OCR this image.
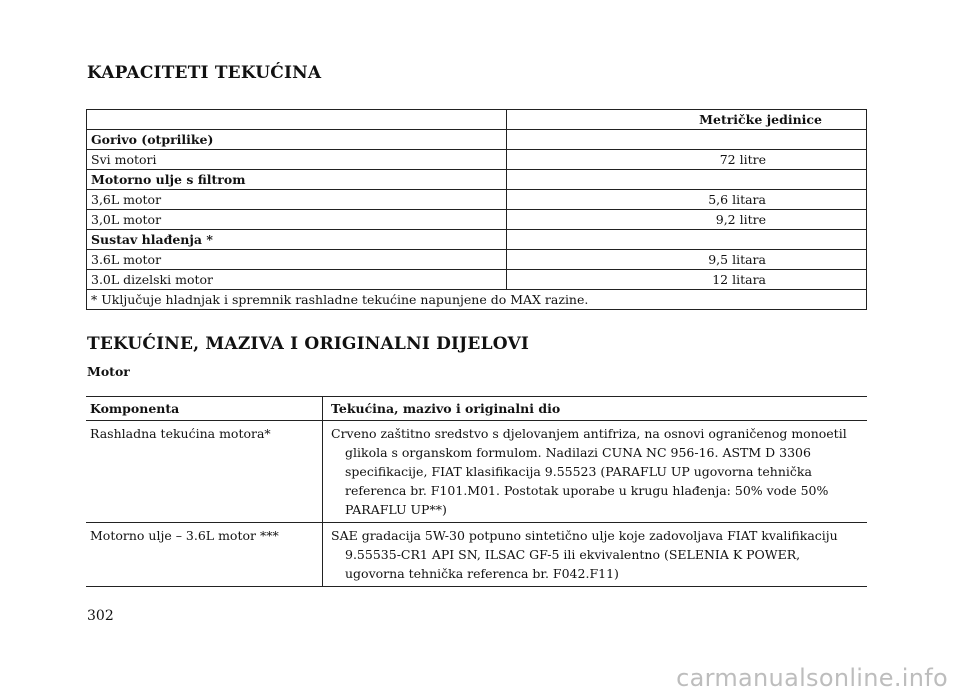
KAPACITETI TEKUĆINA
	Metričke jedinice
Gorivo (otprilike)	
Svi motori	72 litre
Motorno ulje s filtrom	
3,6L motor	5,6 litara
3,0L motor	9,2 litre
Sustav hlađenja *	
3.6L motor	9,5 litara
3.0L dizelski motor	12 litara
* Uključuje hladnjak i spremnik rashladne tekućine napunjene do MAX razine.	
TEKUĆINE, MAZIVA I ORIGINALNI DIJELOVI
Motor
Komponenta	Tekućina, mazivo i originalni dio
Rashladna tekućina motora*	Crveno zaštitno sredstvo s djelovanjem antifriza, na osnovi ograničenog monoetil glikola s organskom formulom. Nadilazi CUNA NC 956-16. ASTM D 3306 specifikacije, FIAT klasifikacija 9.55523 (PARAFLU UP ugovorna tehnička referenca br. F101.M01. Postotak uporabe u krugu hlađenja: 50% vode 50% PARAFLU UP**)

Motorno ulje – 3.6L motor ***	SAE gradacija 5W-30 potpuno sintetično ulje koje zadovoljava FIAT kvalifikaciju 9.55535-CR1 API SN, ILSAC GF-5 ili ekvivalentno (SELENIA K POWER, ugovorna tehnička referenca br. F042.F11)
302
carmanualsonline.info
